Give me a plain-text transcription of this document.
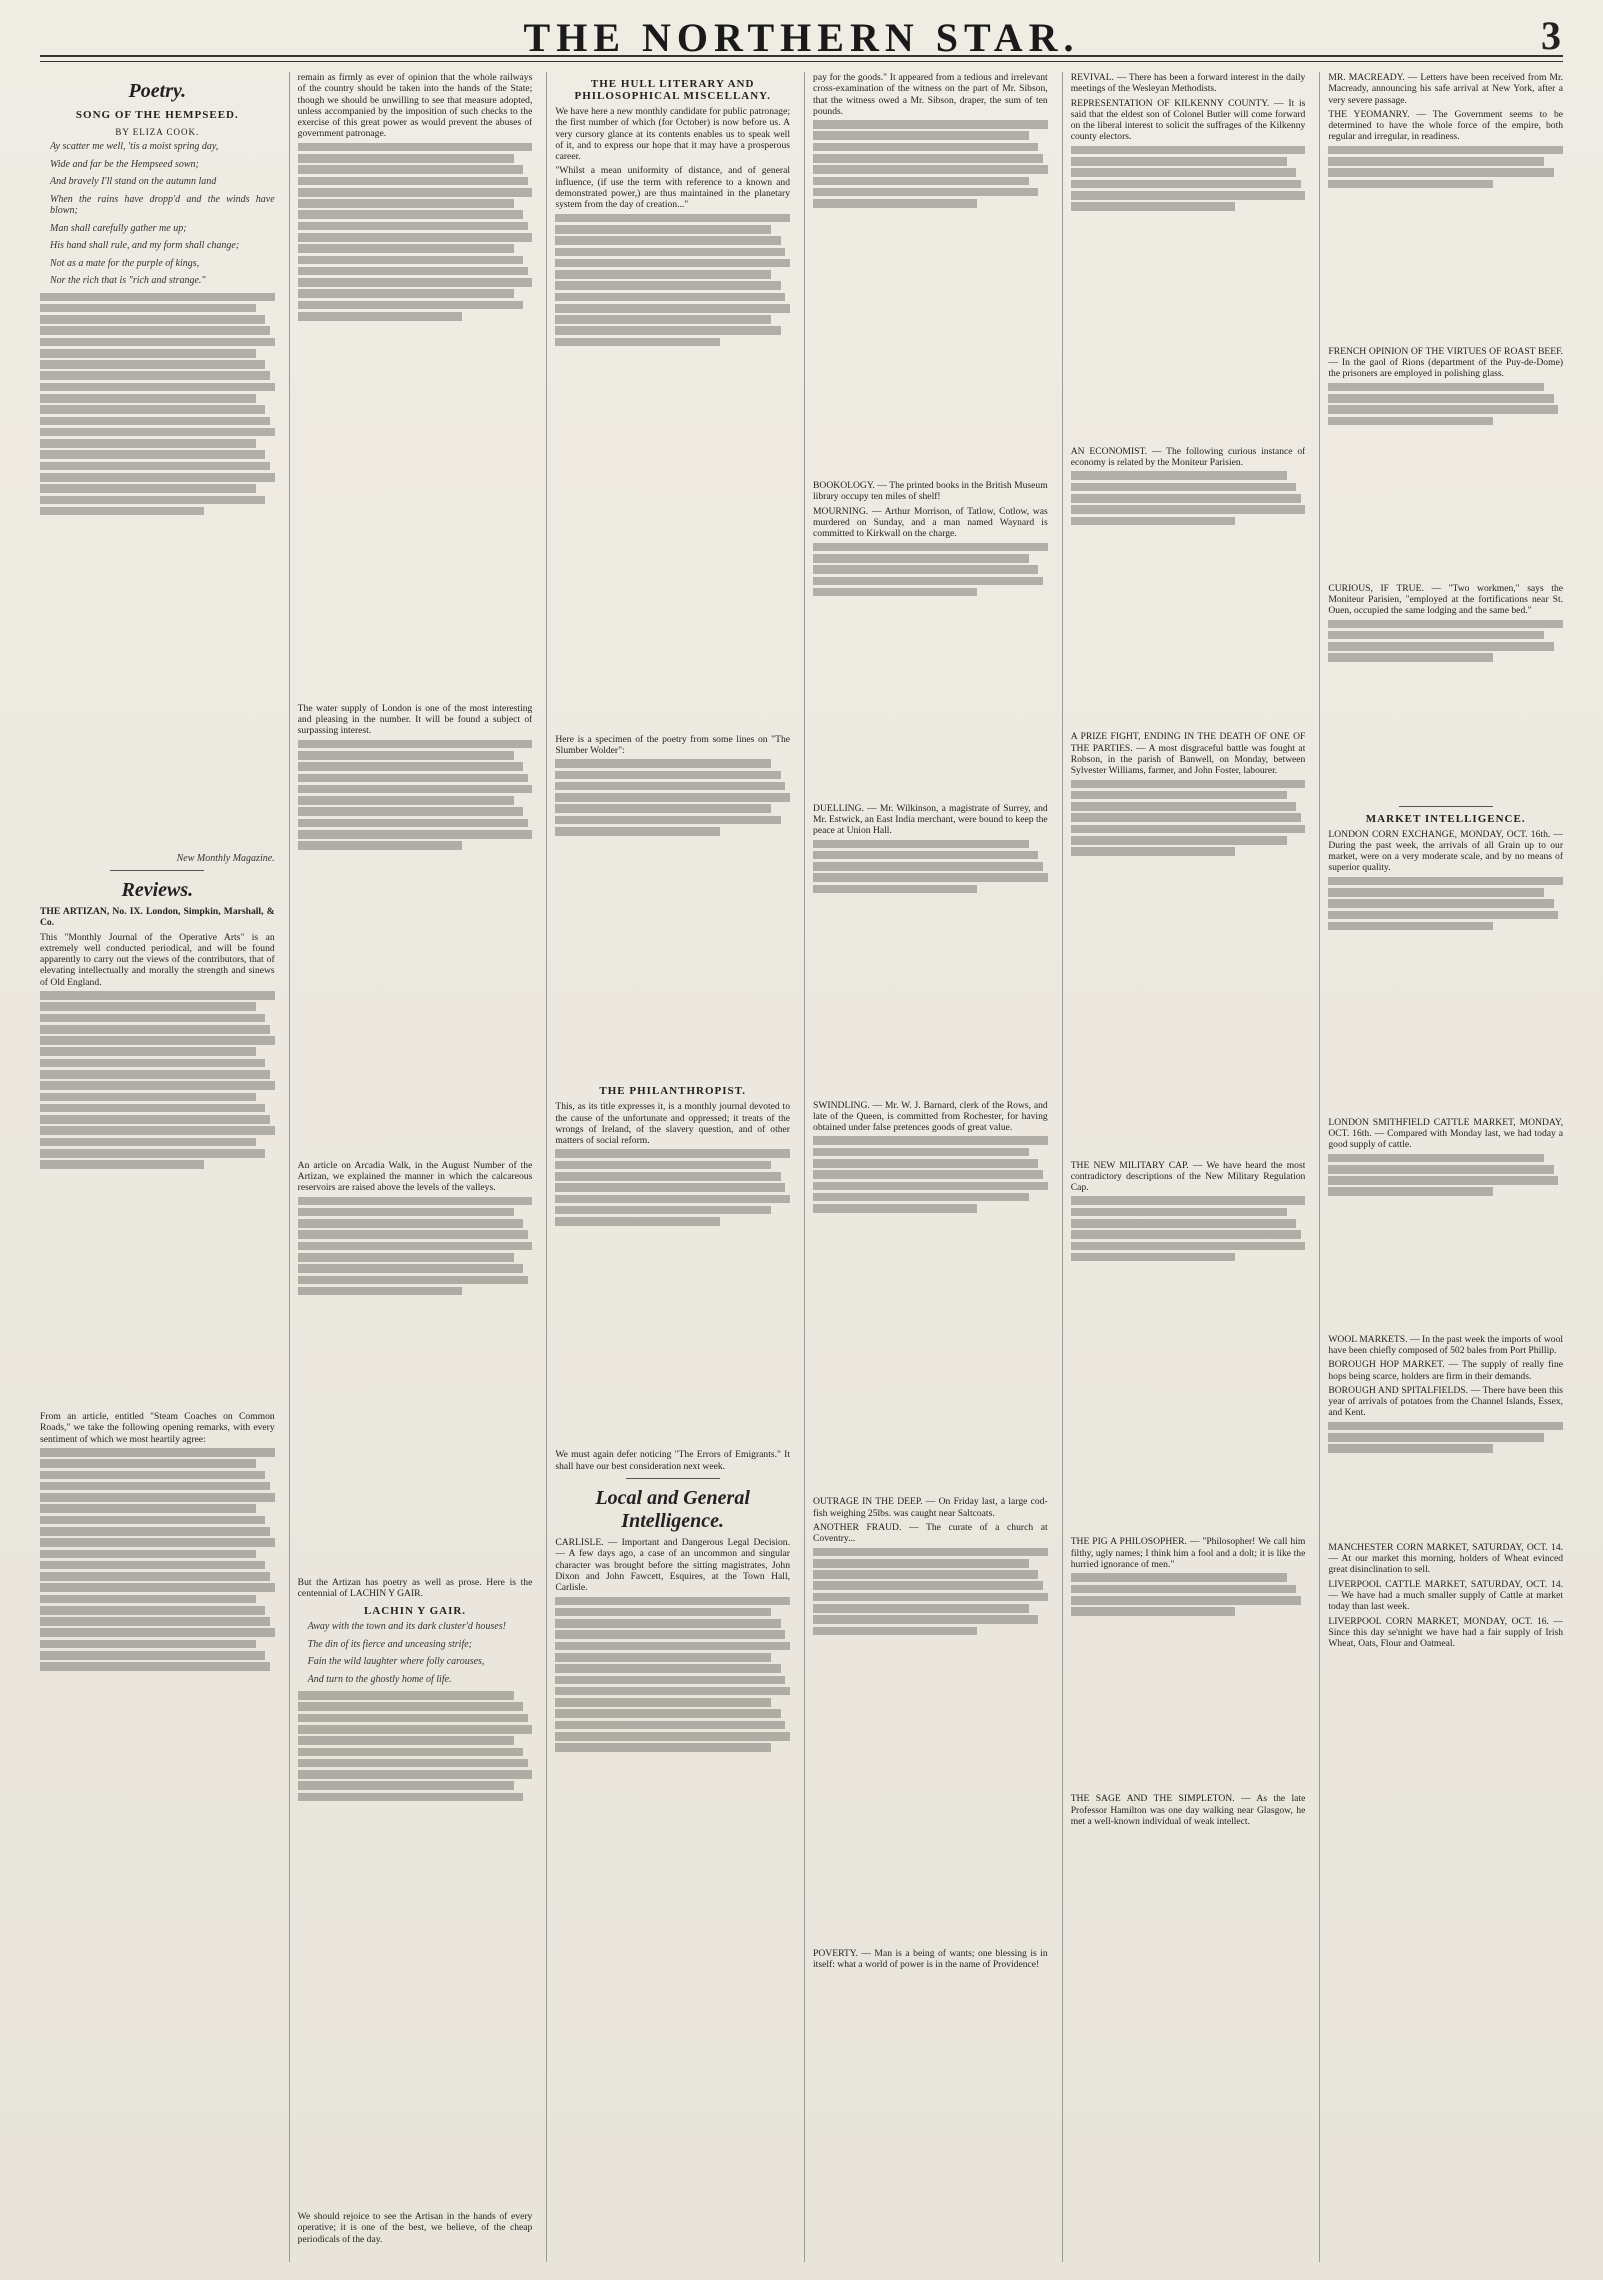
THE NORTHERN STAR.	3
Poetry.
SONG OF THE HEMPSEED.
BY ELIZA COOK.

Ay scatter me well, 'tis a moist spring day,

Wide and far be the Hempseed sown;

And bravely I'll stand on the autumn land

When the rains have dropp'd and the winds have blown;

Man shall carefully gather me up;

His hand shall rule, and my form shall change;

Not as a mate for the purple of kings,

Nor the rich that is "rich and strange."

New Monthly Magazine.

Reviews.

THE ARTIZAN, No. IX. London, Simpkin, Marshall, & Co.

This "Monthly Journal of the Operative Arts" is an extremely well conducted periodical, and will be found apparently to carry out the views of the contributors, that of elevating intellectually and morally the strength and sinews of Old England.

From an article, entitled "Steam Coaches on Common Roads," we take the following opening remarks, with every sentiment of which we most heartily agree:

remain as firmly as ever of opinion that the whole railways of the country should be taken into the hands of the State; though we should be unwilling to see that measure adopted, unless accompanied by the imposition of such checks to the exercise of this great power as would prevent the abuses of government patronage.

The water supply of London is one of the most interesting and pleasing in the number. It will be found a subject of surpassing interest.

An article on Arcadia Walk, in the August Number of the Artizan, we explained the manner in which the calcareous reservoirs are raised above the levels of the valleys.

But the Artizan has poetry as well as prose. Here is the centennial of LACHIN Y GAIR.

LACHIN Y GAIR.

Away with the town and its dark cluster'd houses!

The din of its fierce and unceasing strife;

Fain the wild laughter where folly carouses,

And turn to the ghostly home of life.

We should rejoice to see the Artisan in the hands of every operative; it is one of the best, we believe, of the cheap periodicals of the day.

THE HULL LITERARY AND PHILOSOPHICAL MISCELLANY.

We have here a new monthly candidate for public patronage; the first number of which (for October) is now before us. A very cursory glance at its contents enables us to speak well of it, and to express our hope that it may have a prosperous career.

"Whilst a mean uniformity of distance, and of general influence, (if use the term with reference to a known and demonstrated power,) are thus maintained in the planetary system from the day of creation..."

Here is a specimen of the poetry from some lines on "The Slumber Wolder":

THE PHILANTHROPIST.

This, as its title expresses it, is a monthly journal devoted to the cause of the unfortunate and oppressed; it treats of the wrongs of Ireland, of the slavery question, and of other matters of social reform.

We must again defer noticing "The Errors of Emigrants." It shall have our best consideration next week.

Local and General Intelligence.

CARLISLE. — Important and Dangerous Legal Decision. — A few days ago, a case of an uncommon and singular character was brought before the sitting magistrates, John Dixon and John Fawcett, Esquires, at the Town Hall, Carlisle.

pay for the goods." It appeared from a tedious and irrelevant cross-examination of the witness on the part of Mr. Sibson, that the witness owed a Mr. Sibson, draper, the sum of ten pounds.

BOOKOLOGY. — The printed books in the British Museum library occupy ten miles of shelf!

MOURNING. — Arthur Morrison, of Tatlow, Cotlow, was murdered on Sunday, and a man named Waynard is committed to Kirkwall on the charge.

DUELLING. — Mr. Wilkinson, a magistrate of Surrey, and Mr. Estwick, an East India merchant, were bound to keep the peace at Union Hall.

SWINDLING. — Mr. W. J. Barnard, clerk of the Rows, and late of the Queen, is committed from Rochester, for having obtained under false pretences goods of great value.

OUTRAGE IN THE DEEP. — On Friday last, a large cod-fish weighing 25lbs. was caught near Saltcoats.

ANOTHER FRAUD. — The curate of a church at Coventry...

POVERTY. — Man is a being of wants; one blessing is in itself: what a world of power is in the name of Providence!

REVIVAL. — There has been a forward interest in the daily meetings of the Wesleyan Methodists.

REPRESENTATION OF KILKENNY COUNTY. — It is said that the eldest son of Colonel Butler will come forward on the liberal interest to solicit the suffrages of the Kilkenny county electors.

AN ECONOMIST. — The following curious instance of economy is related by the Moniteur Parisien.

A PRIZE FIGHT, ENDING IN THE DEATH OF ONE OF THE PARTIES. — A most disgraceful battle was fought at Robson, in the parish of Banwell, on Monday, between Sylvester Williams, farmer, and John Foster, labourer.

THE NEW MILITARY CAP. — We have heard the most contradictory descriptions of the New Military Regulation Cap.

THE PIG A PHILOSOPHER. — "Philosopher! We call him filthy, ugly names; I think him a fool and a dolt; it is like the hurried ignorance of men."

THE SAGE AND THE SIMPLETON. — As the late Professor Hamilton was one day walking near Glasgow, he met a well-known individual of weak intellect.

MR. MACREADY. — Letters have been received from Mr. Macready, announcing his safe arrival at New York, after a very severe passage.

THE YEOMANRY. — The Government seems to be determined to have the whole force of the empire, both regular and irregular, in readiness.

FRENCH OPINION OF THE VIRTUES OF ROAST BEEF. — In the gaol of Rions (department of the Puy-de-Dome) the prisoners are employed in polishing glass.

CURIOUS, IF TRUE. — "Two workmen," says the Moniteur Parisien, "employed at the fortifications near St. Ouen, occupied the same lodging and the same bed."

MARKET INTELLIGENCE.

LONDON CORN EXCHANGE, MONDAY, OCT. 16th. — During the past week, the arrivals of all Grain up to our market, were on a very moderate scale, and by no means of superior quality.

LONDON SMITHFIELD CATTLE MARKET, MONDAY, OCT. 16th. — Compared with Monday last, we had today a good supply of cattle.

WOOL MARKETS. — In the past week the imports of wool have been chiefly composed of 502 bales from Port Phillip.

BOROUGH HOP MARKET. — The supply of really fine hops being scarce, holders are firm in their demands.

BOROUGH AND SPITALFIELDS. — There have been this year of arrivals of potatoes from the Channel Islands, Essex, and Kent.

MANCHESTER CORN MARKET, SATURDAY, OCT. 14. — At our market this morning, holders of Wheat evinced great disinclination to sell.

LIVERPOOL CATTLE MARKET, SATURDAY, OCT. 14. — We have had a much smaller supply of Cattle at market today than last week.

LIVERPOOL CORN MARKET, MONDAY, OCT. 16. — Since this day se'nnight we have had a fair supply of Irish Wheat, Oats, Flour and Oatmeal.
